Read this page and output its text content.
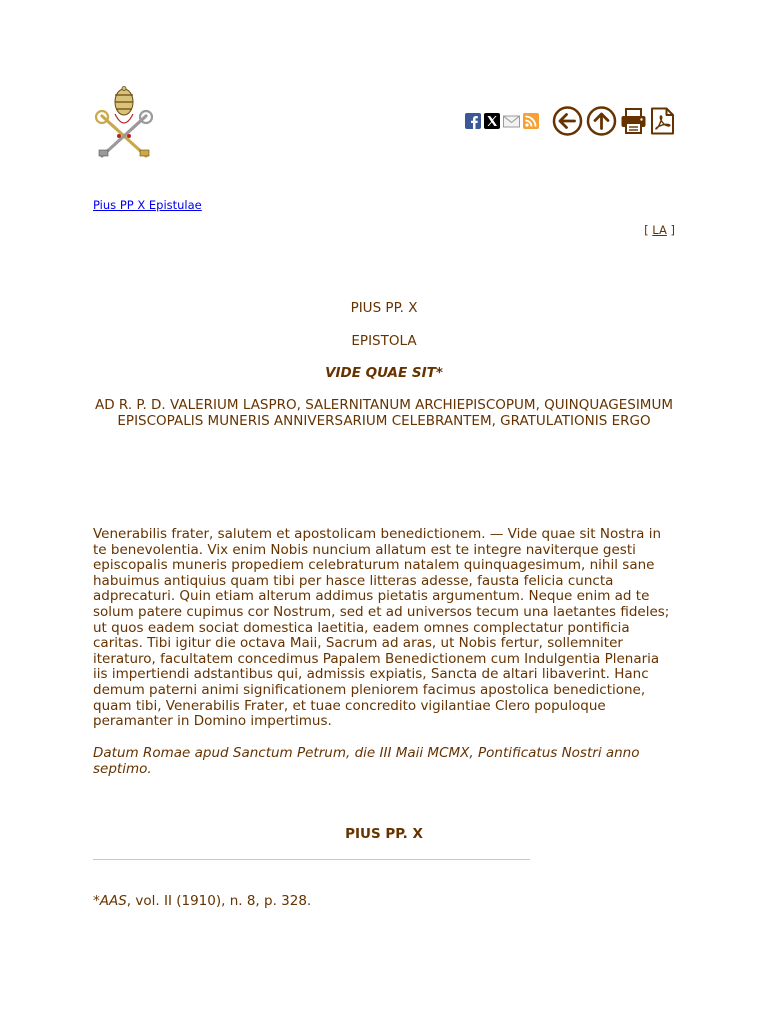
Pius PP X Epistulae
[ LA ]

PIUS PP. X

EPISTOLA

VIDE QUAE SIT*

AD R. P. D. VALERIUM LASPRO, SALERNITANUM ARCHIEPISCOPUM, QUINQUAGESIMUM EPISCOPALIS MUNERIS ANNIVERSARIUM CELEBRANTEM, GRATULATIONIS ERGO

Venerabilis frater, salutem et apostolicam benedictionem. — Vide quae sit Nostra in te benevolentia. Vix enim Nobis nuncium allatum est te integre naviterque gesti episcopalis muneris propediem celebraturum natalem quinquagesimum, nihil sane habuimus antiquius quam tibi per hasce litteras adesse, fausta felicia cuncta adprecaturi. Quin etiam alterum addimus pietatis argumentum. Neque enim ad te solum patere cupimus cor Nostrum, sed et ad universos tecum una laetantes fideles; ut quos eadem sociat domestica laetitia, eadem omnes complectatur pontificia caritas. Tibi igitur die octava Maii, Sacrum ad aras, ut Nobis fertur, sollemniter iteraturo, facultatem concedimus Papalem Benedictionem cum Indulgentia Plenaria iis impertiendi adstantibus qui, admissis expiatis, Sancta de altari libaverint. Hanc demum paterni animi significationem pleniorem facimus apostolica benedictione, quam tibi, Venerabilis Frater, et tuae concredito vigilantiae Clero populoque peramanter in Domino impertimus.

Datum Romae apud Sanctum Petrum, die III Maii MCMX, Pontificatus Nostri anno septimo.

PIUS PP. X

*AAS, vol. II (1910), n. 8, p. 328.
